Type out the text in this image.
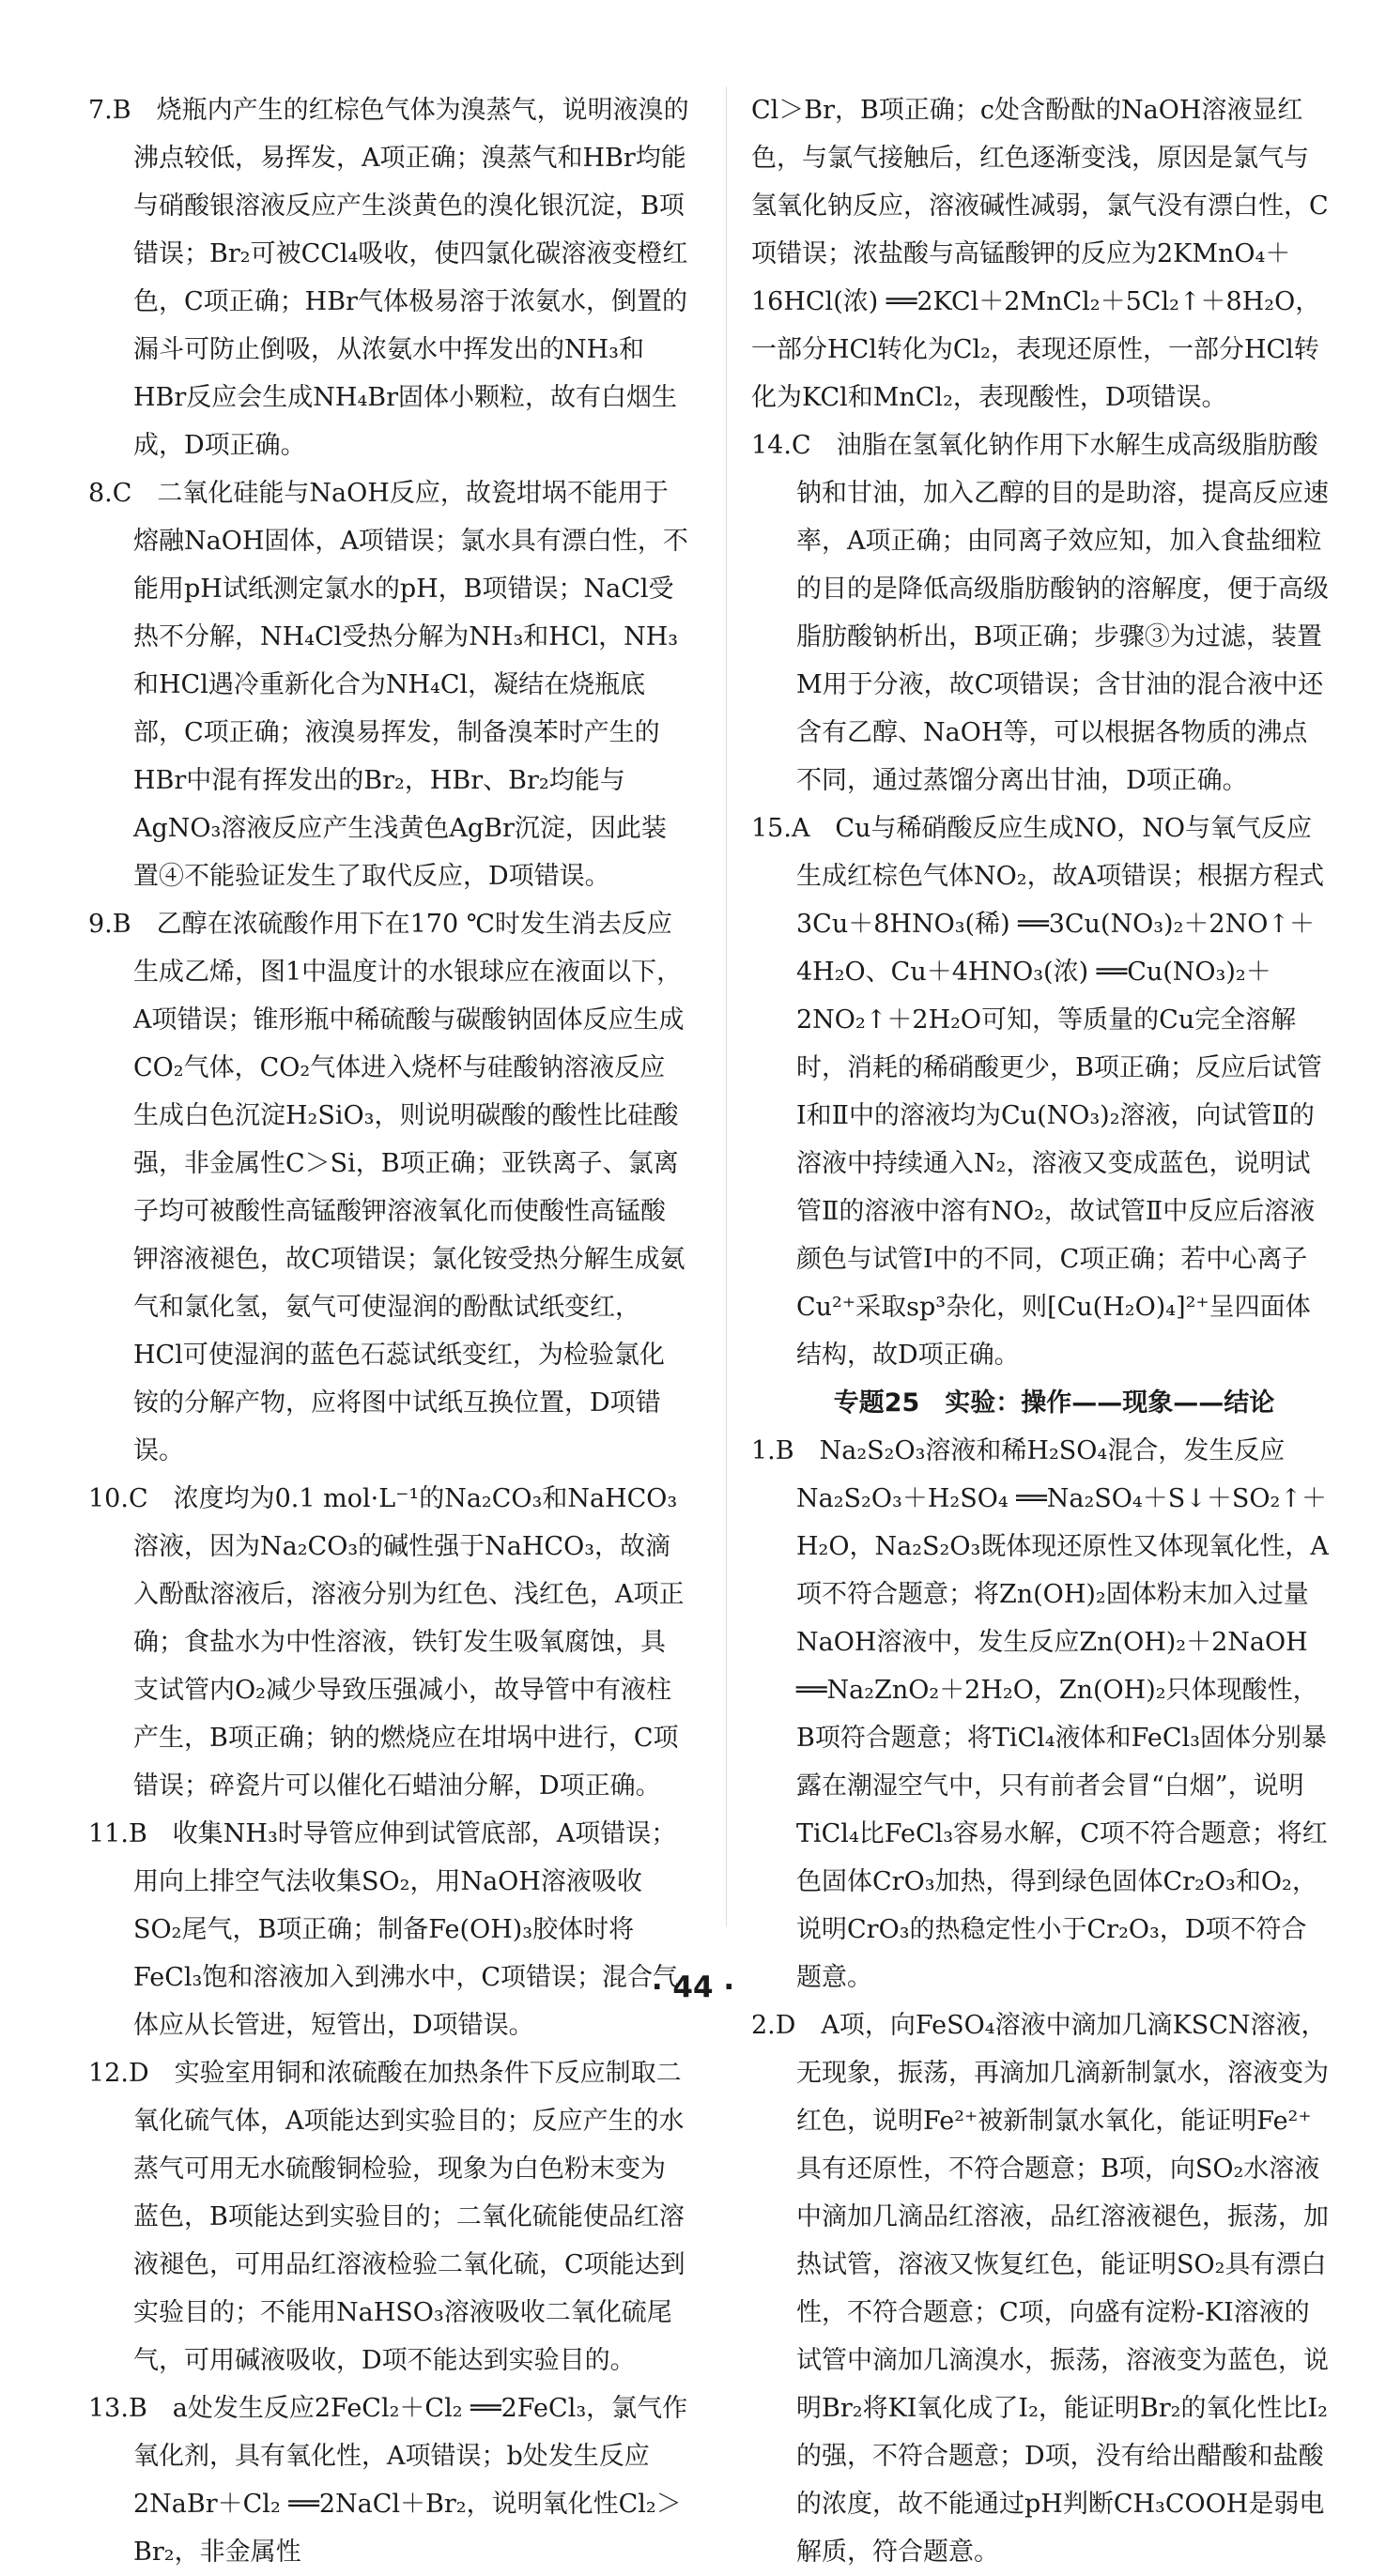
7.B　烧瓶内产生的红棕色气体为溴蒸气，说明液溴的沸点较低，易挥发，A项正确；溴蒸气和HBr均能与硝酸银溶液反应产生淡黄色的溴化银沉淀，B项错误；Br₂可被CCl₄吸收，使四氯化碳溶液变橙红色，C项正确；HBr气体极易溶于浓氨水，倒置的漏斗可防止倒吸，从浓氨水中挥发出的NH₃和HBr反应会生成NH₄Br固体小颗粒，故有白烟生成，D项正确。

8.C　二氧化硅能与NaOH反应，故瓷坩埚不能用于熔融NaOH固体，A项错误；氯水具有漂白性，不能用pH试纸测定氯水的pH，B项错误；NaCl受热不分解，NH₄Cl受热分解为NH₃和HCl，NH₃和HCl遇冷重新化合为NH₄Cl，凝结在烧瓶底部，C项正确；液溴易挥发，制备溴苯时产生的HBr中混有挥发出的Br₂，HBr、Br₂均能与AgNO₃溶液反应产生浅黄色AgBr沉淀，因此装置④不能验证发生了取代反应，D项错误。

9.B　乙醇在浓硫酸作用下在170 ℃时发生消去反应生成乙烯，图1中温度计的水银球应在液面以下，A项错误；锥形瓶中稀硫酸与碳酸钠固体反应生成CO₂气体，CO₂气体进入烧杯与硅酸钠溶液反应生成白色沉淀H₂SiO₃，则说明碳酸的酸性比硅酸强，非金属性C＞Si，B项正确；亚铁离子、氯离子均可被酸性高锰酸钾溶液氧化而使酸性高锰酸钾溶液褪色，故C项错误；氯化铵受热分解生成氨气和氯化氢，氨气可使湿润的酚酞试纸变红，HCl可使湿润的蓝色石蕊试纸变红，为检验氯化铵的分解产物，应将图中试纸互换位置，D项错误。

10.C　浓度均为0.1 mol·L⁻¹的Na₂CO₃和NaHCO₃溶液，因为Na₂CO₃的碱性强于NaHCO₃，故滴入酚酞溶液后，溶液分别为红色、浅红色，A项正确；食盐水为中性溶液，铁钉发生吸氧腐蚀，具支试管内O₂减少导致压强减小，故导管中有液柱产生，B项正确；钠的燃烧应在坩埚中进行，C项错误；碎瓷片可以催化石蜡油分解，D项正确。

11.B　收集NH₃时导管应伸到试管底部，A项错误；用向上排空气法收集SO₂，用NaOH溶液吸收SO₂尾气，B项正确；制备Fe(OH)₃胶体时将FeCl₃饱和溶液加入到沸水中，C项错误；混合气体应从长管进，短管出，D项错误。

12.D　实验室用铜和浓硫酸在加热条件下反应制取二氧化硫气体，A项能达到实验目的；反应产生的水蒸气可用无水硫酸铜检验，现象为白色粉末变为蓝色，B项能达到实验目的；二氧化硫能使品红溶液褪色，可用品红溶液检验二氧化硫，C项能达到实验目的；不能用NaHSO₃溶液吸收二氧化硫尾气，可用碱液吸收，D项不能达到实验目的。

13.B　a处发生反应2FeCl₂＋Cl₂ ══2FeCl₃，氯气作氧化剂，具有氧化性，A项错误；b处发生反应2NaBr＋Cl₂ ══2NaCl＋Br₂，说明氧化性Cl₂＞Br₂，非金属性

Cl＞Br，B项正确；c处含酚酞的NaOH溶液显红色，与氯气接触后，红色逐渐变浅，原因是氯气与氢氧化钠反应，溶液碱性减弱，氯气没有漂白性，C项错误；浓盐酸与高锰酸钾的反应为2KMnO₄＋16HCl(浓) ══2KCl＋2MnCl₂＋5Cl₂↑＋8H₂O，一部分HCl转化为Cl₂，表现还原性，一部分HCl转化为KCl和MnCl₂，表现酸性，D项错误。

14.C　油脂在氢氧化钠作用下水解生成高级脂肪酸钠和甘油，加入乙醇的目的是助溶，提高反应速率，A项正确；由同离子效应知，加入食盐细粒的目的是降低高级脂肪酸钠的溶解度，便于高级脂肪酸钠析出，B项正确；步骤③为过滤，装置M用于分液，故C项错误；含甘油的混合液中还含有乙醇、NaOH等，可以根据各物质的沸点不同，通过蒸馏分离出甘油，D项正确。

15.A　Cu与稀硝酸反应生成NO，NO与氧气反应生成红棕色气体NO₂，故A项错误；根据方程式3Cu＋8HNO₃(稀) ══3Cu(NO₃)₂＋2NO↑＋4H₂O、Cu＋4HNO₃(浓) ══Cu(NO₃)₂＋2NO₂↑＋2H₂O可知，等质量的Cu完全溶解时，消耗的稀硝酸更少，B项正确；反应后试管Ⅰ和Ⅱ中的溶液均为Cu(NO₃)₂溶液，向试管Ⅱ的溶液中持续通入N₂，溶液又变成蓝色，说明试管Ⅱ的溶液中溶有NO₂，故试管Ⅱ中反应后溶液颜色与试管Ⅰ中的不同，C项正确；若中心离子Cu²⁺采取sp³杂化，则[Cu(H₂O)₄]²⁺呈四面体结构，故D项正确。

专题25　实验：操作——现象——结论

1.B　Na₂S₂O₃溶液和稀H₂SO₄混合，发生反应Na₂S₂O₃＋H₂SO₄ ══Na₂SO₄＋S↓＋SO₂↑＋H₂O，Na₂S₂O₃既体现还原性又体现氧化性，A项不符合题意；将Zn(OH)₂固体粉末加入过量NaOH溶液中，发生反应Zn(OH)₂＋2NaOH ══Na₂ZnO₂＋2H₂O，Zn(OH)₂只体现酸性，B项符合题意；将TiCl₄液体和FeCl₃固体分别暴露在潮湿空气中，只有前者会冒“白烟”，说明TiCl₄比FeCl₃容易水解，C项不符合题意；将红色固体CrO₃加热，得到绿色固体Cr₂O₃和O₂，说明CrO₃的热稳定性小于Cr₂O₃，D项不符合题意。

2.D　A项，向FeSO₄溶液中滴加几滴KSCN溶液，无现象，振荡，再滴加几滴新制氯水，溶液变为红色，说明Fe²⁺被新制氯水氧化，能证明Fe²⁺具有还原性，不符合题意；B项，向SO₂水溶液中滴加几滴品红溶液，品红溶液褪色，振荡，加热试管，溶液又恢复红色，能证明SO₂具有漂白性，不符合题意；C项，向盛有淀粉-KI溶液的试管中滴加几滴溴水，振荡，溶液变为蓝色，说明Br₂将KI氧化成了I₂，能证明Br₂的氧化性比I₂的强，不符合题意；D项，没有给出醋酸和盐酸的浓度，故不能通过pH判断CH₃COOH是弱电解质，符合题意。

· 44 ·
